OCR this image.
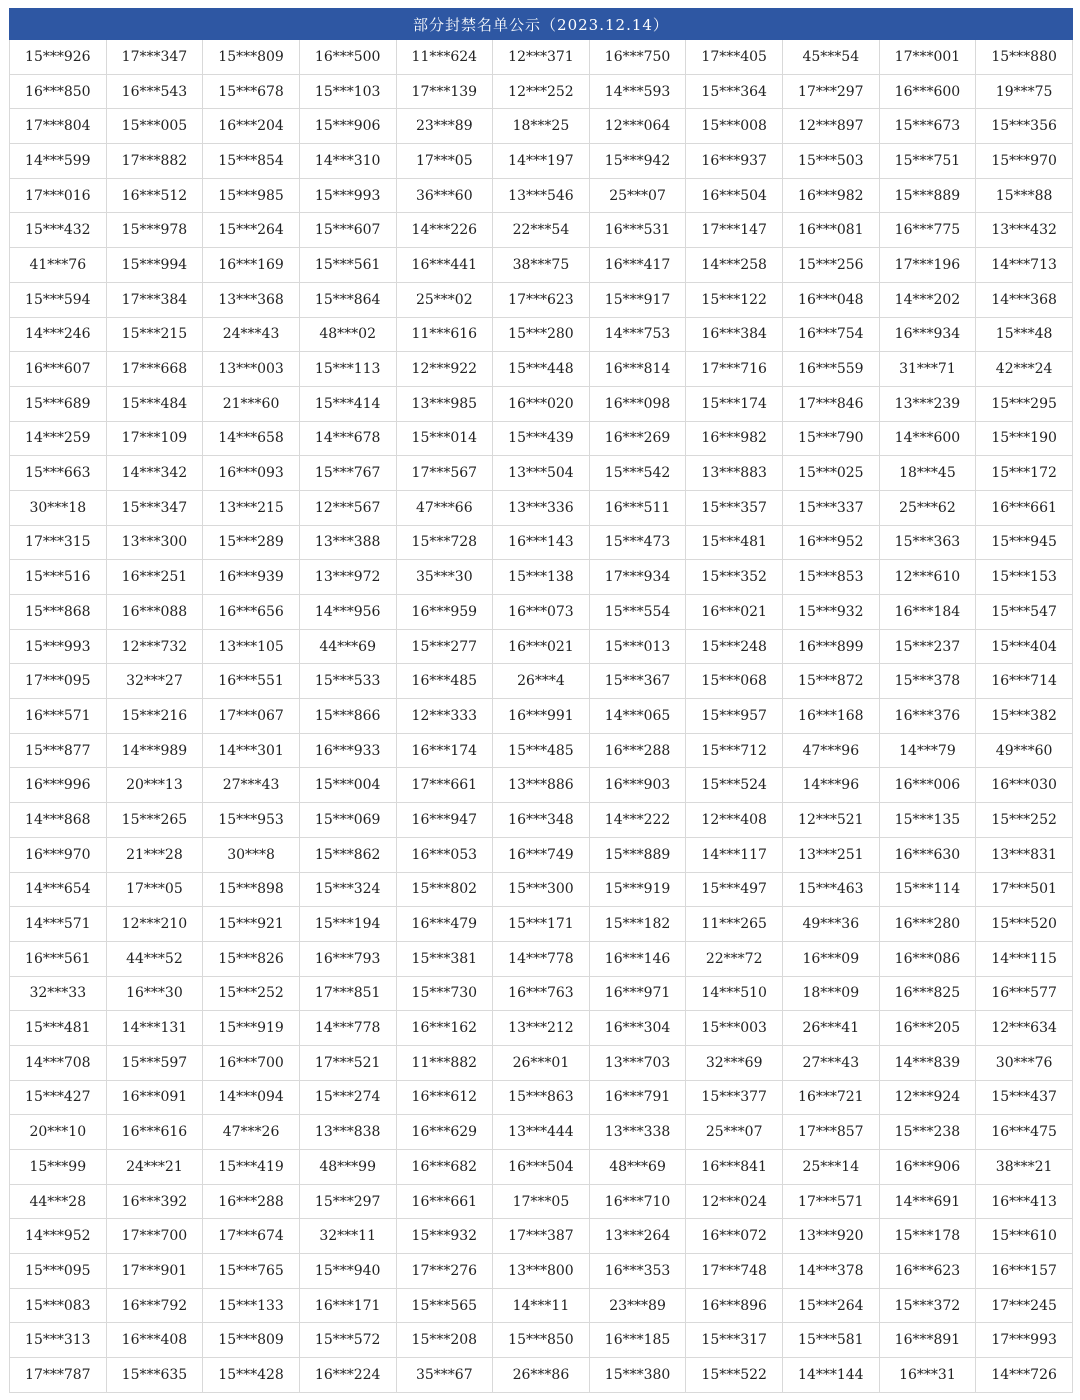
部分封禁名单公示（2023.12.14）
15***926	17***347	15***809	16***500	11***624	12***371	16***750	17***405	45***54	17***001	15***880
16***850	16***543	15***678	15***103	17***139	12***252	14***593	15***364	17***297	16***600	19***75
17***804	15***005	16***204	15***906	23***89	18***25	12***064	15***008	12***897	15***673	15***356
14***599	17***882	15***854	14***310	17***05	14***197	15***942	16***937	15***503	15***751	15***970
17***016	16***512	15***985	15***993	36***60	13***546	25***07	16***504	16***982	15***889	15***88
15***432	15***978	15***264	15***607	14***226	22***54	16***531	17***147	16***081	16***775	13***432
41***76	15***994	16***169	15***561	16***441	38***75	16***417	14***258	15***256	17***196	14***713
15***594	17***384	13***368	15***864	25***02	17***623	15***917	15***122	16***048	14***202	14***368
14***246	15***215	24***43	48***02	11***616	15***280	14***753	16***384	16***754	16***934	15***48
16***607	17***668	13***003	15***113	12***922	15***448	16***814	17***716	16***559	31***71	42***24
15***689	15***484	21***60	15***414	13***985	16***020	16***098	15***174	17***846	13***239	15***295
14***259	17***109	14***658	14***678	15***014	15***439	16***269	16***982	15***790	14***600	15***190
15***663	14***342	16***093	15***767	17***567	13***504	15***542	13***883	15***025	18***45	15***172
30***18	15***347	13***215	12***567	47***66	13***336	16***511	15***357	15***337	25***62	16***661
17***315	13***300	15***289	13***388	15***728	16***143	15***473	15***481	16***952	15***363	15***945
15***516	16***251	16***939	13***972	35***30	15***138	17***934	15***352	15***853	12***610	15***153
15***868	16***088	16***656	14***956	16***959	16***073	15***554	16***021	15***932	16***184	15***547
15***993	12***732	13***105	44***69	15***277	16***021	15***013	15***248	16***899	15***237	15***404
17***095	32***27	16***551	15***533	16***485	26***4	15***367	15***068	15***872	15***378	16***714
16***571	15***216	17***067	15***866	12***333	16***991	14***065	15***957	16***168	16***376	15***382
15***877	14***989	14***301	16***933	16***174	15***485	16***288	15***712	47***96	14***79	49***60
16***996	20***13	27***43	15***004	17***661	13***886	16***903	15***524	14***96	16***006	16***030
14***868	15***265	15***953	15***069	16***947	16***348	14***222	12***408	12***521	15***135	15***252
16***970	21***28	30***8	15***862	16***053	16***749	15***889	14***117	13***251	16***630	13***831
14***654	17***05	15***898	15***324	15***802	15***300	15***919	15***497	15***463	15***114	17***501
14***571	12***210	15***921	15***194	16***479	15***171	15***182	11***265	49***36	16***280	15***520
16***561	44***52	15***826	16***793	15***381	14***778	16***146	22***72	16***09	16***086	14***115
32***33	16***30	15***252	17***851	15***730	16***763	16***971	14***510	18***09	16***825	16***577
15***481	14***131	15***919	14***778	16***162	13***212	16***304	15***003	26***41	16***205	12***634
14***708	15***597	16***700	17***521	11***882	26***01	13***703	32***69	27***43	14***839	30***76
15***427	16***091	14***094	15***274	16***612	15***863	16***791	15***377	16***721	12***924	15***437
20***10	16***616	47***26	13***838	16***629	13***444	13***338	25***07	17***857	15***238	16***475
15***99	24***21	15***419	48***99	16***682	16***504	48***69	16***841	25***14	16***906	38***21
44***28	16***392	16***288	15***297	16***661	17***05	16***710	12***024	17***571	14***691	16***413
14***952	17***700	17***674	32***11	15***932	17***387	13***264	16***072	13***920	15***178	15***610
15***095	17***901	15***765	15***940	17***276	13***800	16***353	17***748	14***378	16***623	16***157
15***083	16***792	15***133	16***171	15***565	14***11	23***89	16***896	15***264	15***372	17***245
15***313	16***408	15***809	15***572	15***208	15***850	16***185	15***317	15***581	16***891	17***993
17***787	15***635	15***428	16***224	35***67	26***86	15***380	15***522	14***144	16***31	14***726
